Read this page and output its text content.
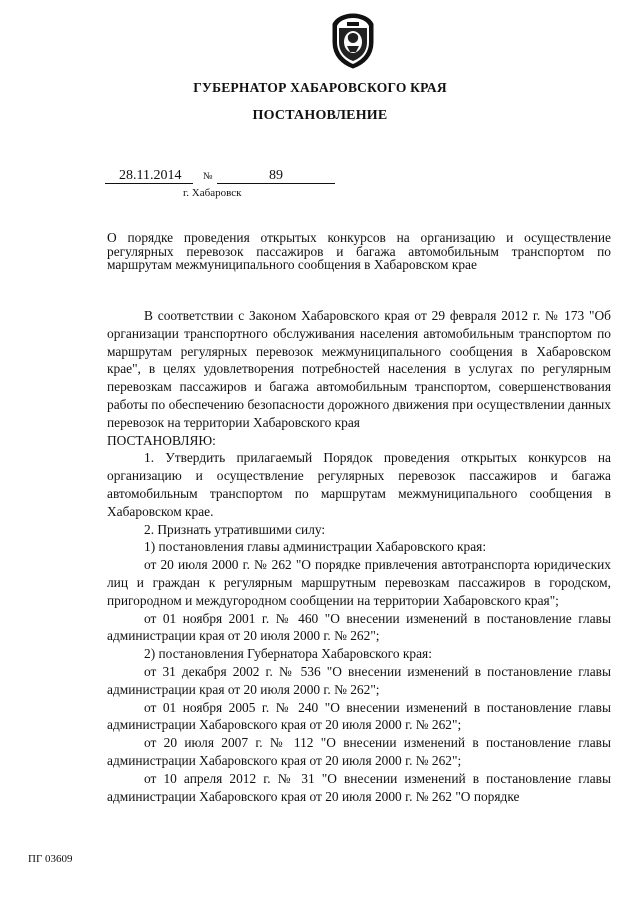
ГУБЕРНАТОР ХАБАРОВСКОГО КРАЯ
ПОСТАНОВЛЕНИЕ
28.11.2014 №	89
г. Хабаровск
О порядке проведения открытых конкурсов на организацию и осуществление регулярных перевозок пассажиров и багажа автомобильным транспортом по маршрутам межмуниципального сообщения в Хабаровском крае

В соответствии с Законом Хабаровского края от 29 февраля 2012 г. № 173 "Об организации транспортного обслуживания населения автомобильным транспортом по маршрутам регулярных перевозок межмуниципального сообщения в Хабаровском крае", в целях удовлетворения потребностей населения в услугах по регулярным перевозкам пассажиров и багажа автомобильным транспортом, совершенствования работы по обеспечению безопасности дорожного движения при осуществлении данных перевозок на территории Хабаровского края

ПОСТАНОВЛЯЮ:

1. Утвердить прилагаемый Порядок проведения открытых конкурсов на организацию и осуществление регулярных перевозок пассажиров и багажа автомобильным транспортом по маршрутам межмуниципального сообщения в Хабаровском крае.

2. Признать утратившими силу:

1) постановления главы администрации Хабаровского края:

от 20 июля 2000 г. № 262 "О порядке привлечения автотранспорта юридических лиц и граждан к регулярным маршрутным перевозкам пассажиров в городском, пригородном и междугородном сообщении на территории Хабаровского края";

от 01 ноября 2001 г. № 460 "О внесении изменений в постановление главы администрации края от 20 июля 2000 г. № 262";

2) постановления Губернатора Хабаровского края:

от 31 декабря 2002 г. № 536 "О внесении изменений в постановление главы администрации края от 20 июля 2000 г. № 262";

от 01 ноября 2005 г. № 240 "О внесении изменений в постановление главы администрации Хабаровского края от 20 июля 2000 г. № 262";

от 20 июля 2007 г. № 112 "О внесении изменений в постановление главы администрации Хабаровского края от 20 июля 2000 г. № 262";

от 10 апреля 2012 г. № 31 "О внесении изменений в постановление главы администрации Хабаровского края от 20 июля 2000 г. № 262 "О порядке

ПГ 03609
